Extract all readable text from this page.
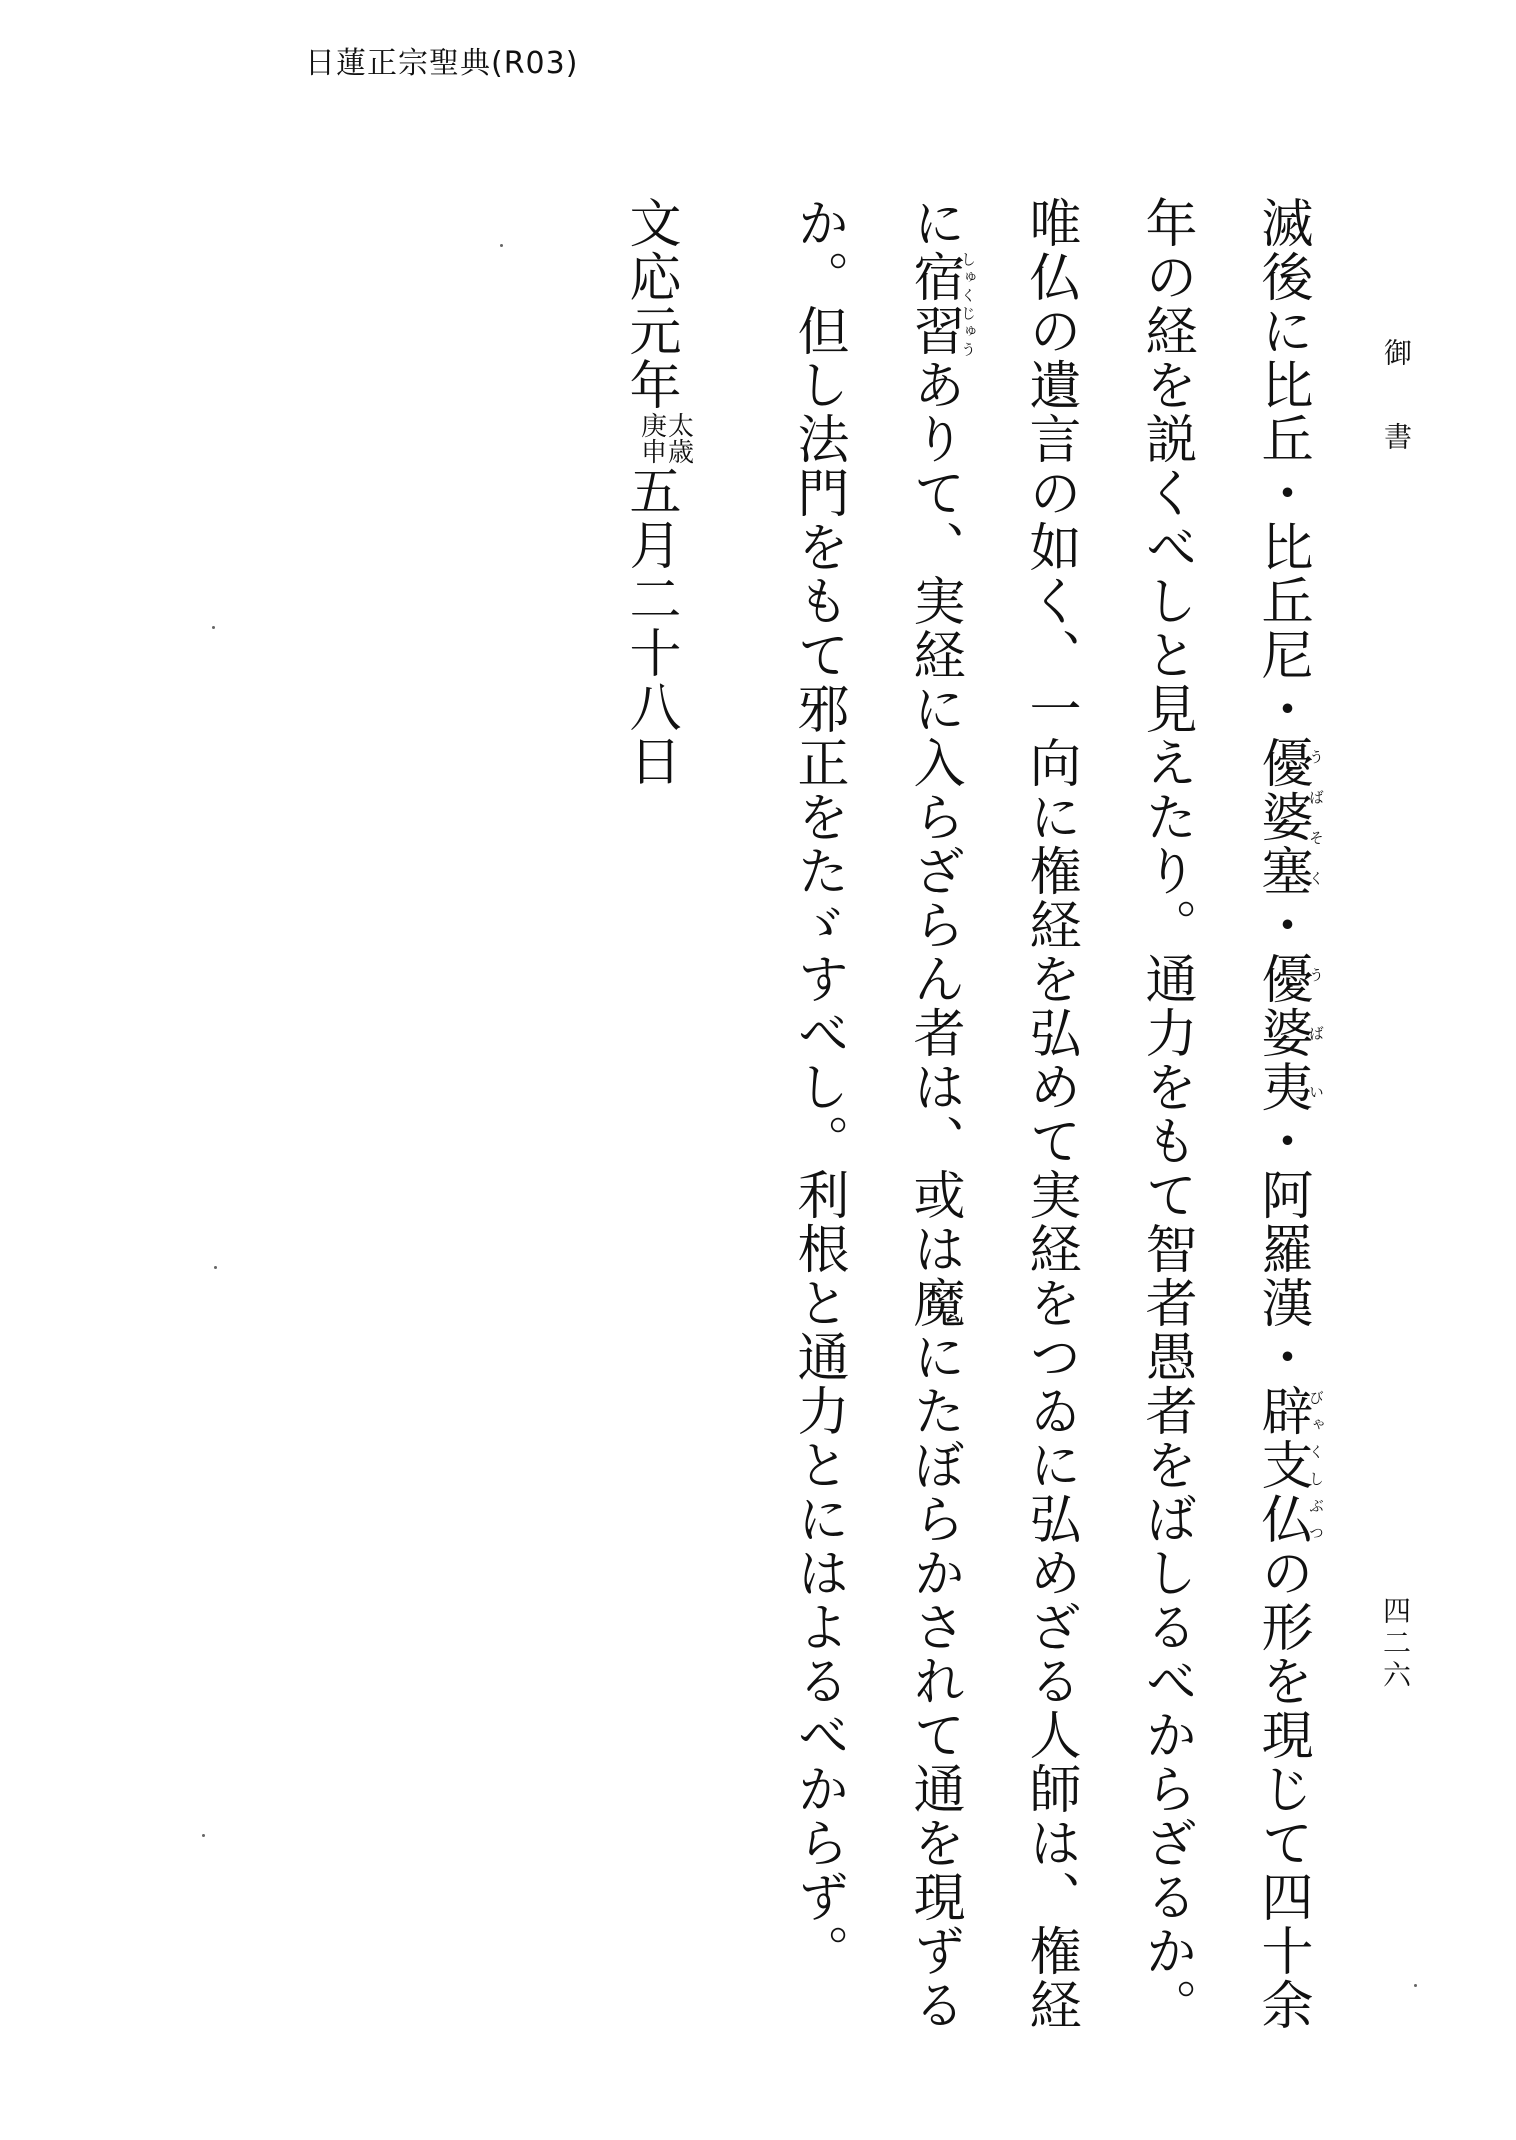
日蓮正宗聖典(R03)
御書
四二六

滅後に比丘・比丘尼・優婆塞うばそく・優婆夷うばい・阿羅漢・辟支仏びゃくしぶつの形を現じて四十余年の経を説くべしと見えたり。通力をもて智者愚者をばしるべからざるか。唯仏の遺言の如く、一向に権経を弘めて実経をつゐに弘めざる人師は、権経に宿習しゅくじゅうありて、実経に入らざらん者は、或は魔にたぼらかされて通を現ずるか。但し法門をもて邪正をたゞすべし。利根と通力とにはよるべからず。

文応元年太歳
庚申五月二十八日
